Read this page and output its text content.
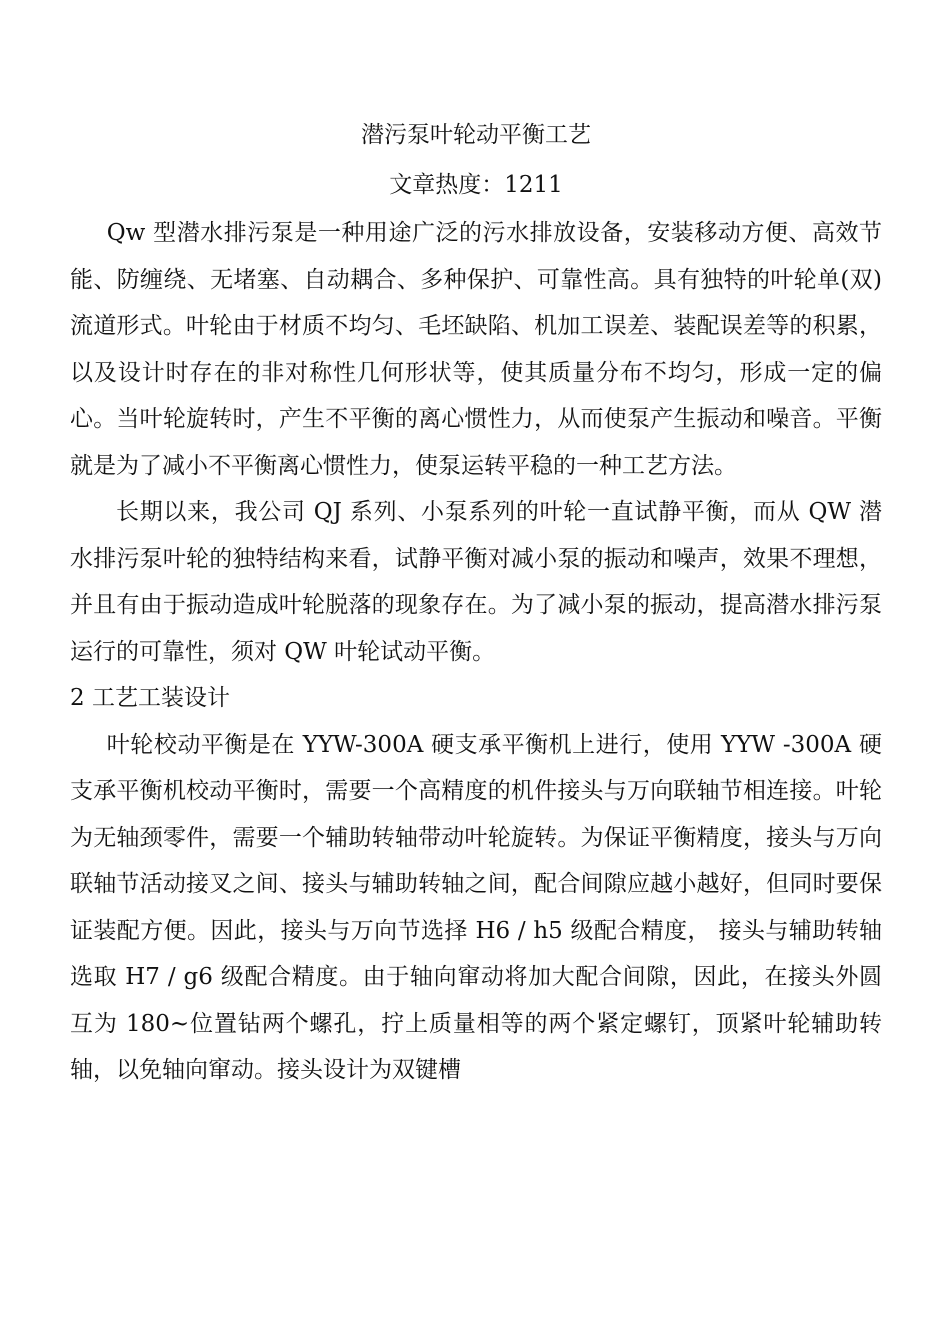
潜污泵叶轮动平衡工艺
文章热度：1211

Qw 型潜水排污泵是一种用途广泛的污水排放设备，安装移动方便、高效节能、防缠绕、无堵塞、自动耦合、多种保护、可靠性高。具有独特的叶轮单(双)流道形式。叶轮由于材质不均匀、毛坯缺陷、机加工误差、装配误差等的积累，以及设计时存在的非对称性几何形状等，使其质量分布不均匀，形成一定的偏心。当叶轮旋转时，产生不平衡的离心惯性力，从而使泵产生振动和噪音。平衡就是为了减小不平衡离心惯性力，使泵运转平稳的一种工艺方法。

长期以来，我公司 QJ 系列、小泵系列的叶轮一直试静平衡，而从 QW 潜水排污泵叶轮的独特结构来看，试静平衡对减小泵的振动和噪声，效果不理想，并且有由于振动造成叶轮脱落的现象存在。为了减小泵的振动，提高潜水排污泵运行的可靠性，须对 QW 叶轮试动平衡。

2 工艺工装设计

叶轮校动平衡是在 YYW-300A 硬支承平衡机上进行，使用 YYW -300A 硬支承平衡机校动平衡时，需要一个高精度的机件接头与万向联轴节相连接。叶轮为无轴颈零件，需要一个辅助转轴带动叶轮旋转。为保证平衡精度，接头与万向联轴节活动接叉之间、接头与辅助转轴之间，配合间隙应越小越好，但同时要保证装配方便。因此，接头与万向节选择 H6 / h5 级配合精度， 接头与辅助转轴选取 H7 / g6 级配合精度。由于轴向窜动将加大配合间隙，因此，在接头外圆互为 180~位置钻两个螺孔，拧上质量相等的两个紧定螺钉，顶紧叶轮辅助转轴，以免轴向窜动。接头设计为双键槽
